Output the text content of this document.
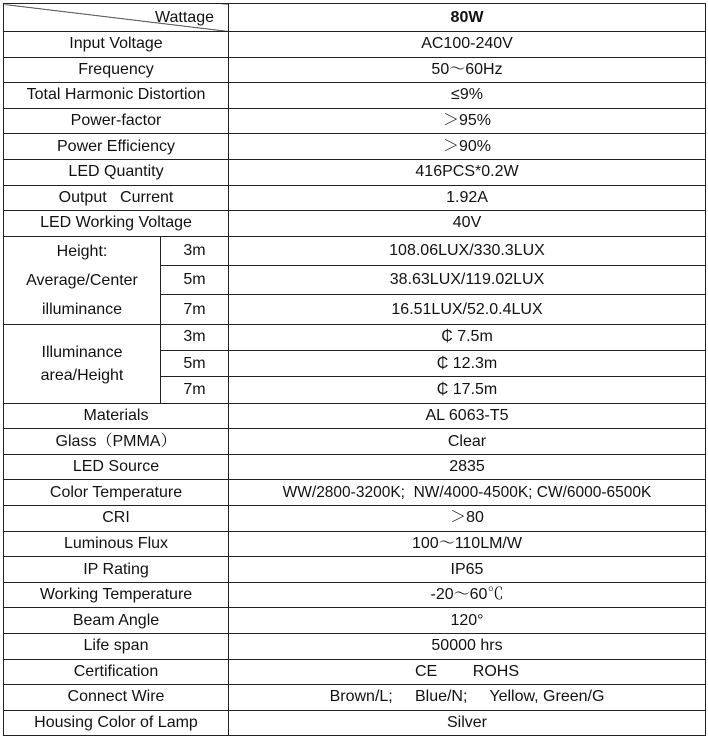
Wattage		80W
Input Voltage		AC100-240V
Frequency		50～60Hz
Total Harmonic Distortion		≤9%
Power-factor		＞95%
Power Efficiency		＞90%
LED Quantity		416PCS*0.2W
Output   Current		1.92A
LED Working Voltage		40V
Height: Average/Center illuminance	3m	108.06LUX/330.3LUX
	5m	38.63LUX/119.02LUX
	7m	16.51LUX/52.0.4LUX
Illuminance area/Height	3m	₵ 7.5m
	5m	₵ 12.3m
	7m	₵ 17.5m
Materials		AL 6063-T5
Glass（PMMA）		Clear
LED Source		2835
Color Temperature		WW/2800-3200K;  NW/4000-4500K; CW/6000-6500K
CRI		＞80
Luminous Flux		100～110LM/W
IP Rating		IP65
Working Temperature		-20～60℃
Beam Angle		120°
Life span		50000 hrs
Certification		CE        ROHS
Connect Wire		Brown/L;     Blue/N;     Yellow, Green/G
Housing Color of Lamp		Silver
